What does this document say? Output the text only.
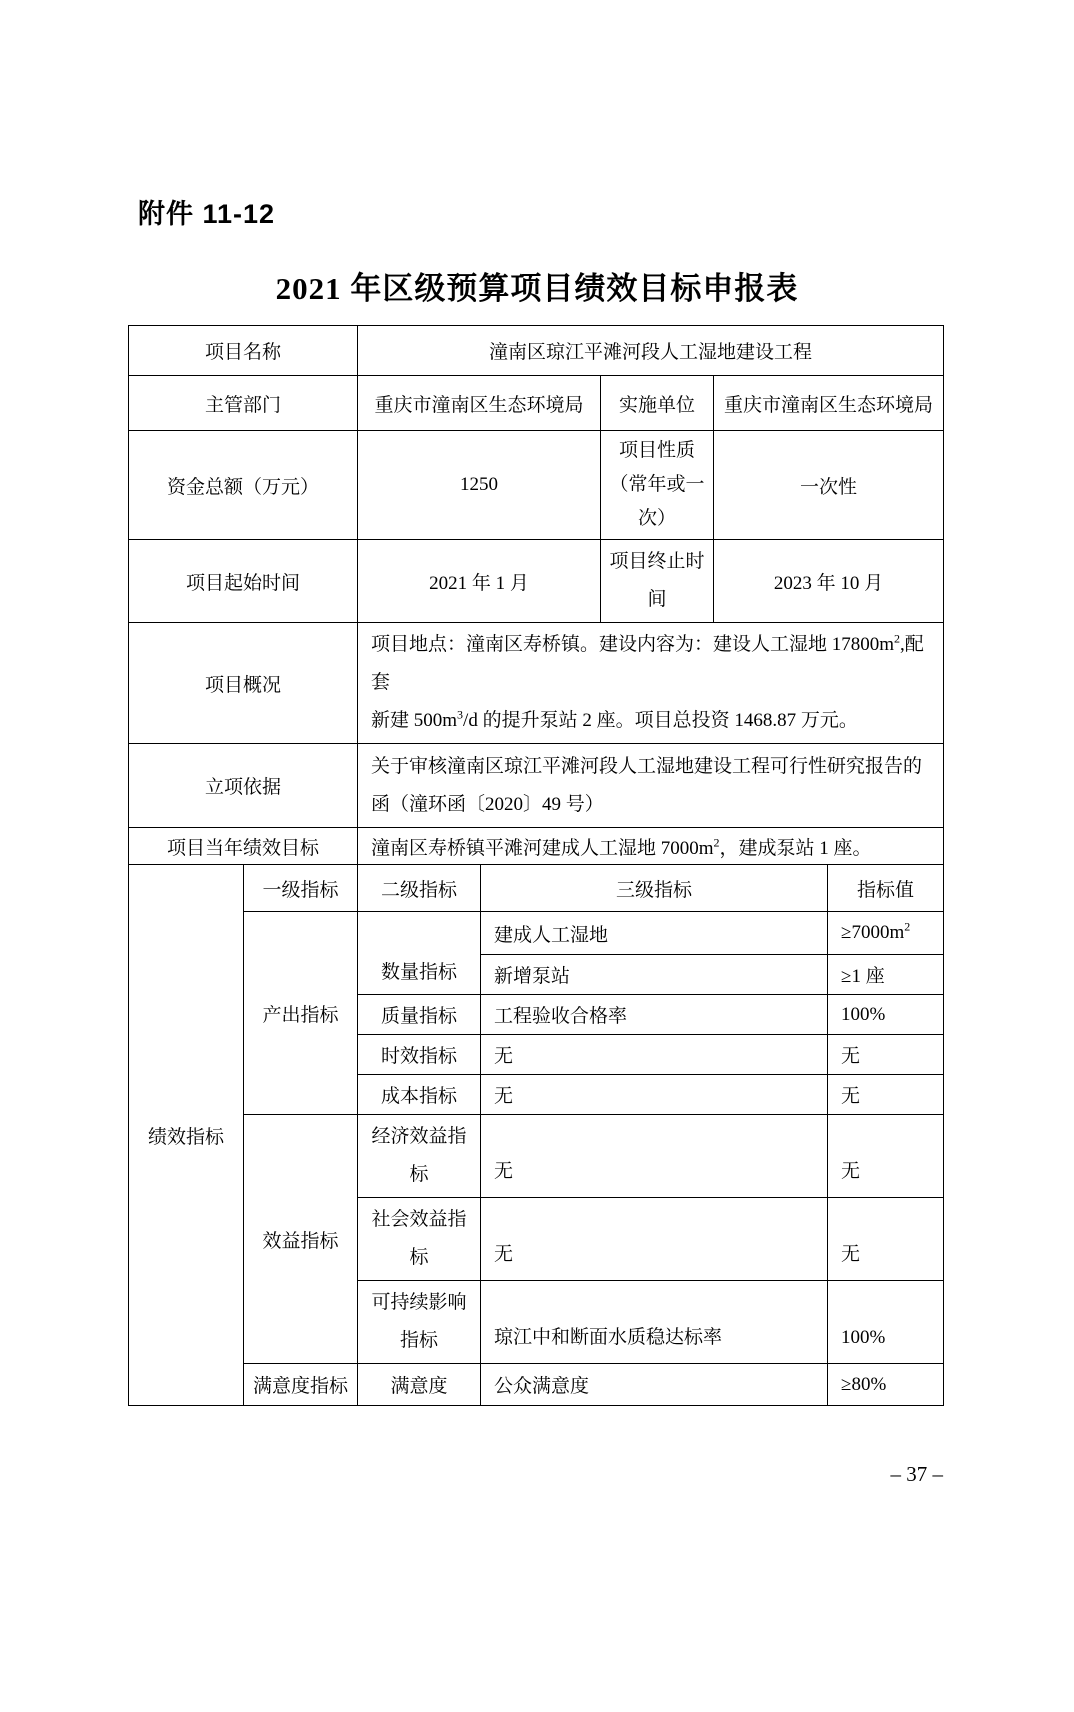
附件 11-12
2021 年区级预算项目绩效目标申报表
项目名称		潼南区琼江平滩河段人工湿地建设工程				
主管部门		重庆市潼南区生态环境局		实施单位	重庆市潼南区生态环境局	
资金总额（万元）		1250		项目性质
（常年或一
次）	一次性	
项目起始时间		2021 年 1 月		项目终止时
间	2023 年 10 月	
项目概况		项目地点：潼南区寿桥镇。建设内容为：建设人工湿地 $17800m^2$,配套
新建 $500m^3/d$ 的提升泵站 2 座。项目总投资 1468.87 万元。				

立项依据		关于审核潼南区琼江平滩河段人工湿地建设工程可行性研究报告的
函（潼环函〔2020〕49 号）				

项目当年绩效目标		潼南区寿桥镇平滩河建成人工湿地 $7000m^2$，建成泵站 1 座。				
绩效指标	一级指标	二级指标	三级指标			指标值
	产出指标	数量指标	建成人工湿地			$\ge 7000m^2$
			新增泵站			≥1 座
		质量指标	工程验收合格率			100%
		时效指标	无			无
		成本指标	无			无
	效益指标	经济效益指
标	无			无

		社会效益指
标	无			无

		可持续影响
指标	琼江中和断面水质稳达标率			100%
	满意度指标	满意度	公众满意度			≥80%
– 37 –
